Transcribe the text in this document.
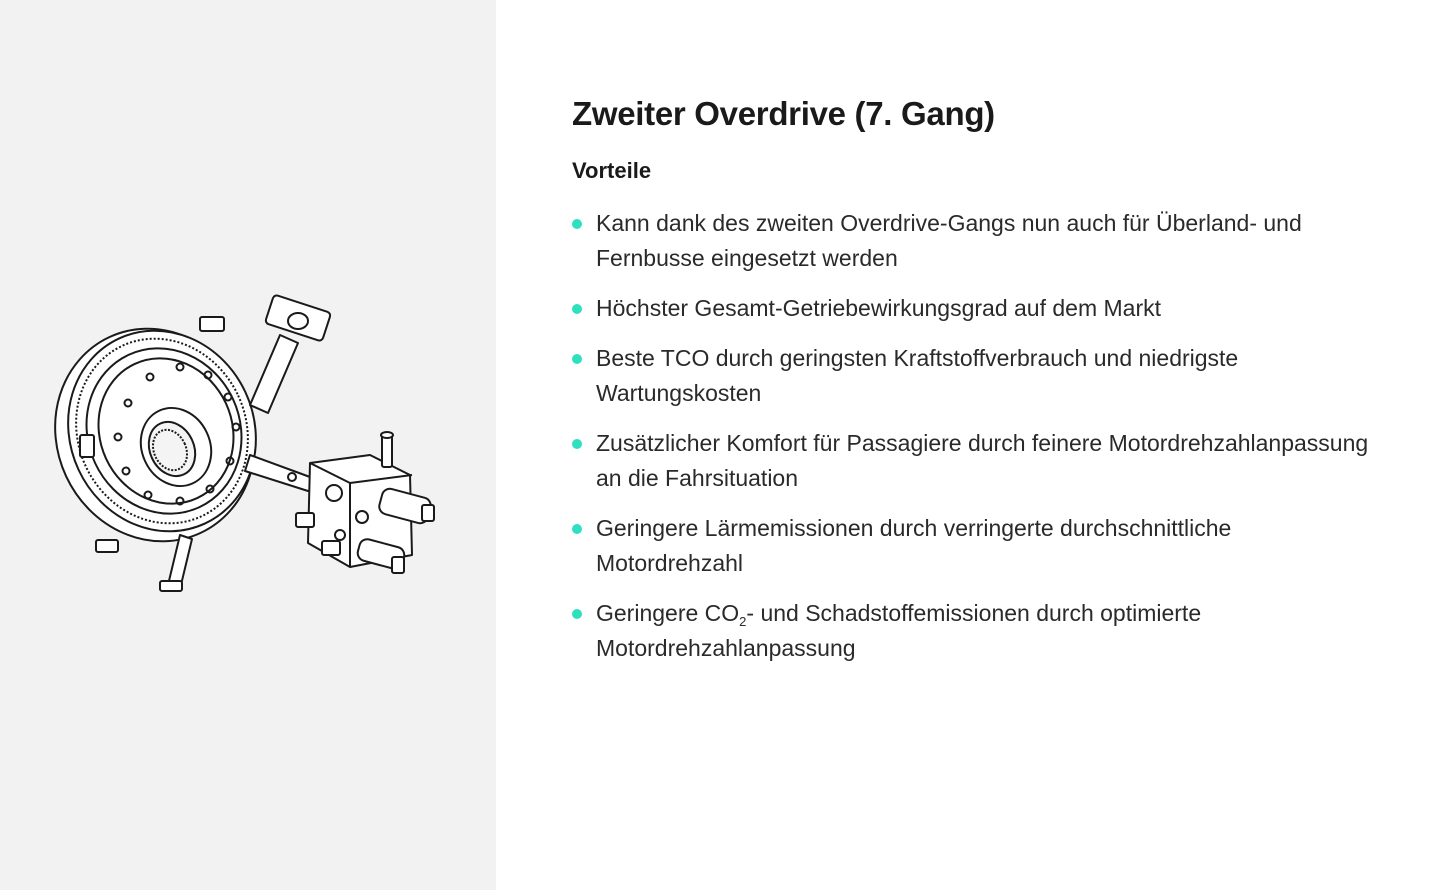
Zweiter Overdrive (7. Gang)
Vorteile
Kann dank des zweiten Overdrive-Gangs nun auch für Überland- und Fernbusse eingesetzt werden
Höchster Gesamt-Getriebewirkungsgrad auf dem Markt
Beste TCO durch geringsten Kraftstoffverbrauch und niedrigste Wartungskosten
Zusätzlicher Komfort für Passagiere durch feinere Motordrehzahlanpassung an die Fahrsituation
Geringere Lärmemissionen durch verringerte durchschnittliche Motordrehzahl
Geringere $CO_2-$ und Schadstoffemissionen durch optimierte Motordrehzahlanpassung
